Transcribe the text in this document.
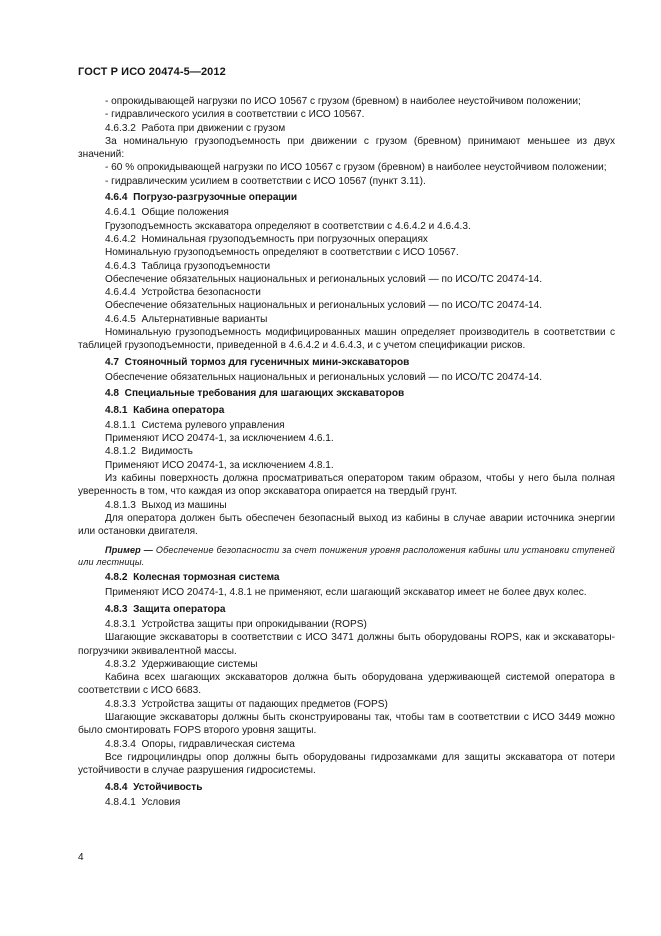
ГОСТ Р ИСО 20474-5—2012
- опрокидывающей нагрузки по ИСО 10567 с грузом (бревном) в наиболее неустойчивом положении;
- гидравлического усилия в соответствии с ИСО 10567.
4.6.3.2 Работа при движении с грузом
За номинальную грузоподъемность при движении с грузом (бревном) принимают меньшее из двух значений:
- 60 % опрокидывающей нагрузки по ИСО 10567 с грузом (бревном) в наиболее неустойчивом положении;
- гидравлическим усилием в соответствии с ИСО 10567 (пункт 3.11).
4.6.4 Погрузо-разгрузочные операции
4.6.4.1 Общие положения
Грузоподъемность экскаватора определяют в соответствии с 4.6.4.2 и 4.6.4.3.
4.6.4.2 Номинальная грузоподъемность при погрузочных операциях
Номинальную грузоподъемность определяют в соответствии с ИСО 10567.
4.6.4.3 Таблица грузоподъемности
Обеспечение обязательных национальных и региональных условий — по ИСО/ТС 20474-14.
4.6.4.4 Устройства безопасности
Обеспечение обязательных национальных и региональных условий — по ИСО/ТС 20474-14.
4.6.4.5 Альтернативные варианты
Номинальную грузоподъемность модифицированных машин определяет производитель в соответствии с таблицей грузоподъемности, приведенной в 4.6.4.2 и 4.6.4.3, и с учетом спецификации рисков.
4.7 Стояночный тормоз для гусеничных мини-экскаваторов
Обеспечение обязательных национальных и региональных условий — по ИСО/ТС 20474-14.
4.8 Специальные требования для шагающих экскаваторов
4.8.1 Кабина оператора
4.8.1.1 Система рулевого управления
Применяют ИСО 20474-1, за исключением 4.6.1.
4.8.1.2 Видимость
Применяют ИСО 20474-1, за исключением 4.8.1.
Из кабины поверхность должна просматриваться оператором таким образом, чтобы у него была полная уверенность в том, что каждая из опор экскаватора опирается на твердый грунт.
4.8.1.3 Выход из машины
Для оператора должен быть обеспечен безопасный выход из кабины в случае аварии источника энергии или остановки двигателя.
Пример — Обеспечение безопасности за счет понижения уровня расположения кабины или установки ступеней или лестницы.
4.8.2 Колесная тормозная система
Применяют ИСО 20474-1, 4.8.1 не применяют, если шагающий экскаватор имеет не более двух колес.
4.8.3 Защита оператора
4.8.3.1 Устройства защиты при опрокидывании (ROPS)
Шагающие экскаваторы в соответствии с ИСО 3471 должны быть оборудованы ROPS, как и экскаваторы-погрузчики эквивалентной массы.
4.8.3.2 Удерживающие системы
Кабина всех шагающих экскаваторов должна быть оборудована удерживающей системой оператора в соответствии с ИСО 6683.
4.8.3.3 Устройства защиты от падающих предметов (FOPS)
Шагающие экскаваторы должны быть сконструированы так, чтобы там в соответствии с ИСО 3449 можно было смонтировать FOPS второго уровня защиты.
4.8.3.4 Опоры, гидравлическая система
Все гидроцилиндры опор должны быть оборудованы гидрозамками для защиты экскаватора от потери устойчивости в случае разрушения гидросистемы.
4.8.4 Устойчивость
4.8.4.1 Условия
4
